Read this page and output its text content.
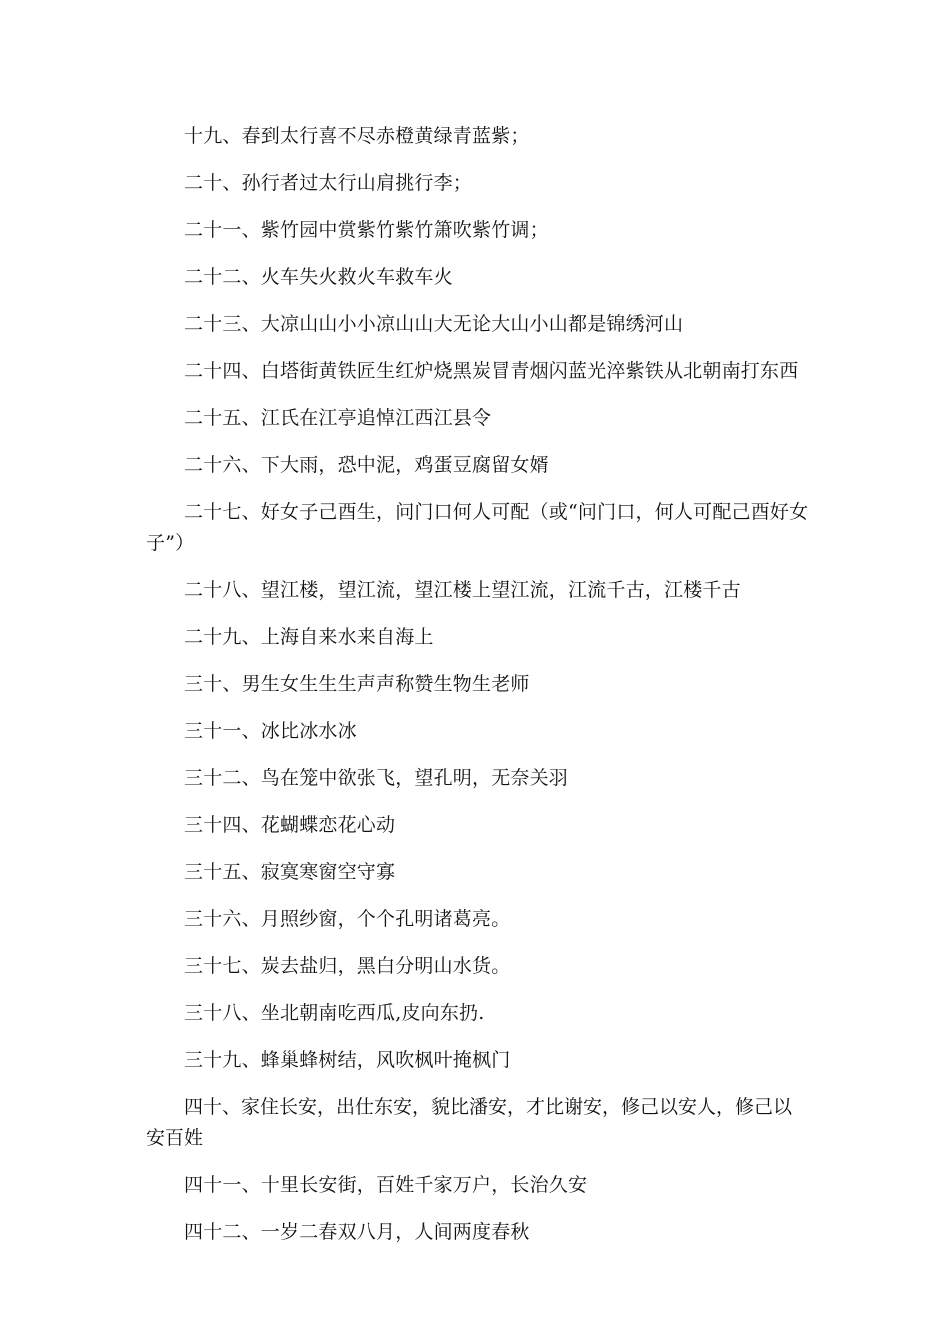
十九、春到太行喜不尽赤橙黄绿青蓝紫；

二十、孙行者过太行山肩挑行李；

二十一、紫竹园中赏紫竹紫竹箫吹紫竹调；

二十二、火车失火救火车救车火

二十三、大凉山山小小凉山山大无论大山小山都是锦绣河山

二十四、白塔街黄铁匠生红炉烧黑炭冒青烟闪蓝光淬紫铁从北朝南打东西

二十五、江氏在江亭追悼江西江县令

二十六、下大雨，恐中泥，鸡蛋豆腐留女婿

二十七、好女子己酉生，问门口何人可配（或“问门口，何人可配己酉好女子”）

二十八、望江楼，望江流，望江楼上望江流，江流千古，江楼千古

二十九、上海自来水来自海上

三十、男生女生生生声声称赞生物生老师

三十一、冰比冰水冰

三十二、鸟在笼中欲张飞，望孔明，无奈关羽

三十四、花蝴蝶恋花心动

三十五、寂寞寒窗空守寡

三十六、月照纱窗，个个孔明诸葛亮。

三十七、炭去盐归，黑白分明山水货。

三十八、坐北朝南吃西瓜,皮向东扔.

三十九、蜂巢蜂树结，风吹枫叶掩枫门

四十、家住长安，出仕东安，貌比潘安，才比谢安，修己以安人，修己以安百姓

四十一、十里长安街，百姓千家万户，长治久安

四十二、一岁二春双八月，人间两度春秋
